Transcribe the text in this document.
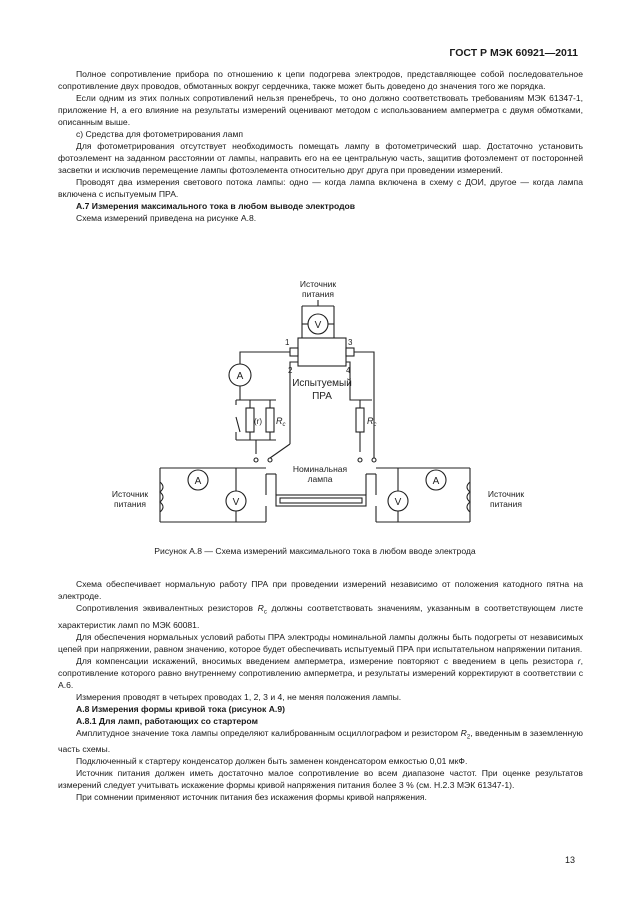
ГОСТ Р МЭК 60921—2011

Полное сопротивление прибора по отношению к цепи подогрева электродов, представляющее собой последовательное сопротивление двух проводов, обмотанных вокруг сердечника, также может быть доведено до значения того же порядка.

Если одним из этих полных сопротивлений нельзя пренебречь, то оно должно соответствовать требованиям МЭК 61347-1, приложение Н, а его влияние на результаты измерений оценивают методом с использованием амперметра с двумя обмотками, описанным выше.

с) Средства для фотометрирования ламп

Для фотометрирования отсутствует необходимость помещать лампу в фотометрический шар. Достаточно установить фотоэлемент на заданном расстоянии от лампы, направить его на ее центральную часть, защитив фотоэлемент от посторонней засветки и исключив перемещение лампы фотоэлемента относительно друг друга при проведении измерений.

Проводят два измерения светового потока лампы: одно — когда лампа включена в схему с ДОИ, другое — когда лампа включена с испытуемым ПРА.

А.7 Измерения максимального тока в любом выводе электродов

Схема измерений приведена на рисунке А.8.

Источник питания
V
Испытуемый ПРА
1
2
3
4
A
(r) $R_c$	$R_c$
Номинальная лампа
A
V
Источник питания
A
V
Источник питания
Рисунок А.8 — Схема измерений максимального тока в любом вводе электрода

Схема обеспечивает нормальную работу ПРА при проведении измерений независимо от положения катодного пятна на электроде.

Сопротивления эквивалентных резисторов $R_c$ должны соответствовать значениям, указанным в соответствующем листе характеристик ламп по МЭК 60081.

Для обеспечения нормальных условий работы ПРА электроды номинальной лампы должны быть подогреты от независимых цепей при напряжении, равном значению, которое будет обеспечивать испытуемый ПРА при испытательном напряжении питания.

Для компенсации искажений, вносимых введением амперметра, измерение повторяют с введением в цепь резистора r, сопротивление которого равно внутреннему сопротивлению амперметра, и результаты измерений корректируют в соответствии с А.6.

Измерения проводят в четырех проводах 1, 2, 3 и 4, не меняя положения лампы.

А.8 Измерения формы кривой тока (рисунок А.9)

А.8.1 Для ламп, работающих со стартером

Амплитудное значение тока лампы определяют калиброванным осциллографом и резистором $R_2$, введенным в заземленную часть схемы.

Подключенный к стартеру конденсатор должен быть заменен конденсатором емкостью 0,01 мкФ.

Источник питания должен иметь достаточно малое сопротивление во всем диапазоне частот. При оценке результатов измерений следует учитывать искажение формы кривой напряжения питания более 3 % (см. Н.2.3 МЭК 61347-1).

При сомнении применяют источник питания без искажения формы кривой напряжения.

13
